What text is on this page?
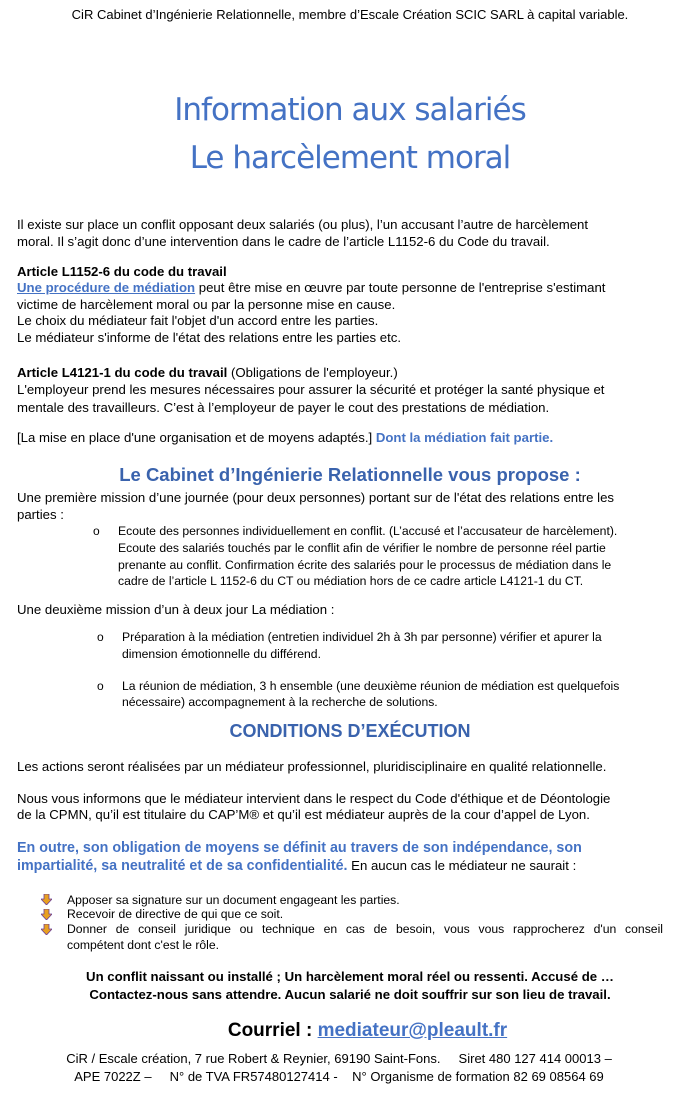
CiR Cabinet d’Ingénierie Relationnelle, membre d’Escale Création SCIC SARL à capital variable.
Information aux salariés
Le harcèlement moral
Il existe sur place un conflit opposant deux salariés (ou plus), l’un accusant l’autre de harcèlement
moral. Il s’agit donc d’une intervention dans le cadre de l’article L1152-6 du Code du travail.
Article L1152-6 du code du travail
Une procédure de médiation peut être mise en œuvre par toute personne de l'entreprise s'estimant
victime de harcèlement moral ou par la personne mise en cause.
Le choix du médiateur fait l'objet d'un accord entre les parties.
Le médiateur s'informe de l'état des relations entre les parties etc.
Article L4121-1 du code du travail (Obligations de l'employeur.)
L'employeur prend les mesures nécessaires pour assurer la sécurité et protéger la santé physique et
mentale des travailleurs. C’est à l’employeur de payer le cout des prestations de médiation.
[La mise en place d'une organisation et de moyens adaptés.] Dont la médiation fait partie.
Le Cabinet d’Ingénierie Relationnelle vous propose :
Une première mission d’une journée (pour deux personnes) portant sur de l'état des relations entre les
parties :
o Ecoute des personnes individuellement en conflit. (L’accusé et l’accusateur de harcèlement).
Ecoute des salariés touchés par le conflit afin de vérifier le nombre de personne réel partie
prenante au conflit. Confirmation écrite des salariés pour le processus de médiation dans le
cadre de l’article L 1152-6 du CT ou médiation hors de ce cadre article L4121-1 du CT.
Une deuxième mission d’un à deux jour La médiation :
o Préparation à la médiation (entretien individuel 2h à 3h par personne) vérifier et apurer la
dimension émotionnelle du différend.
o La réunion de médiation, 3 h ensemble (une deuxième réunion de médiation est quelquefois
nécessaire) accompagnement à la recherche de solutions.
CONDITIONS D’EXÉCUTION
Les actions seront réalisées par un médiateur professionnel, pluridisciplinaire en qualité relationnelle.
Nous vous informons que le médiateur intervient dans le respect du Code d'éthique et de Déontologie
de la CPMN, qu’il est titulaire du CAP’M® et qu’il est médiateur auprès de la cour d’appel de Lyon.
En outre, son obligation de moyens se définit au travers de son indépendance, son
impartialité, sa neutralité et de sa confidentialité. En aucun cas le médiateur ne saurait :
Apposer sa signature sur un document engageant les parties.
Recevoir de directive de qui que ce soit.
Donner de conseil juridique ou technique en cas de besoin, vous vous rapprocherez d'un conseil
compétent dont c'est le rôle.
Un conflit naissant ou installé ; Un harcèlement moral réel ou ressenti. Accusé de …
Contactez-nous sans attendre. Aucun salarié ne doit souffrir sur son lieu de travail.
Courriel : mediateur@pleault.fr
CiR / Escale création, 7 rue Robert & Reynier, 69190 Saint-Fons.     Siret 480 127 414 00013 –
APE 7022Z –     N° de TVA FR57480127414 -    N° Organisme de formation 82 69 08564 69
